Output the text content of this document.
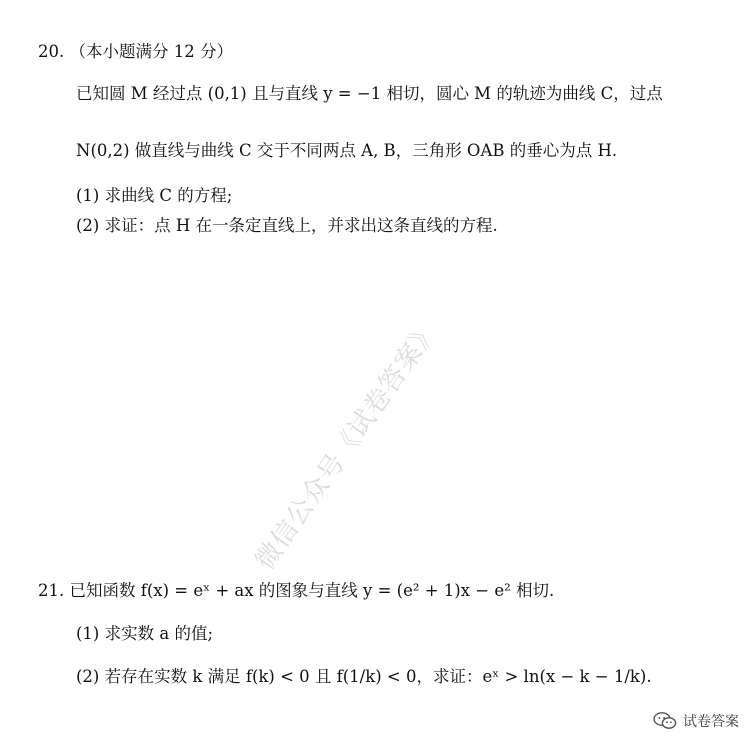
20. （本小题满分 12 分）
已知圆 M 经过点 (0,1) 且与直线 y = −1 相切，圆心 M 的轨迹为曲线 C，过点
N(0,2) 做直线与曲线 C 交于不同两点 A, B，三角形 OAB 的垂心为点 H.
(1) 求曲线 C 的方程;
(2) 求证：点 H 在一条定直线上，并求出这条直线的方程.
微信公众号《试卷答案》
21. 已知函数 f(x) = eˣ + ax 的图象与直线 y = (e² + 1)x − e² 相切.
(1) 求实数 a 的值;
(2) 若存在实数 k 满足 f(k) < 0 且 f(1/k) < 0，求证：eˣ > ln(x − k − 1/k).
试卷答案
